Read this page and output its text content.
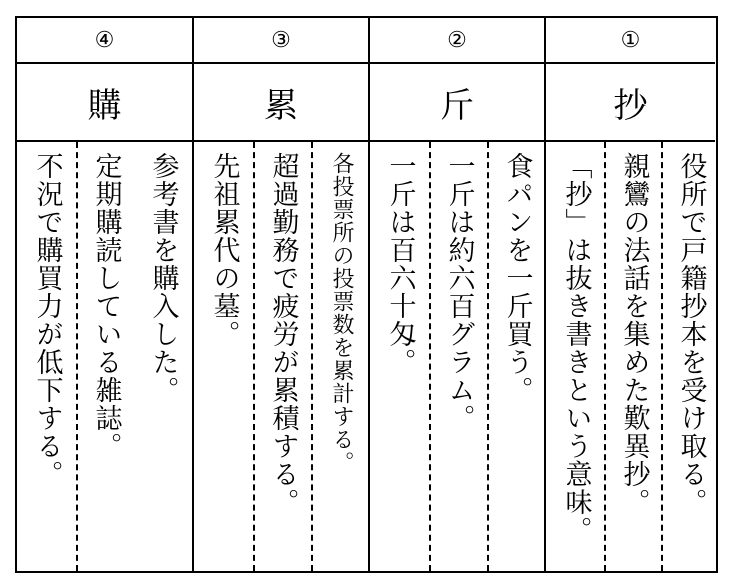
④
購
参考書を購入した。
定期購読している雑誌。
不況で購買力が低下する。
③
累
各投票所の投票数を累計する。
超過勤務で疲労が累積する。
先祖累代の墓。
②
斤
食パンを一斤買う。
一斤は約六百グラム。
一斤は百六十匁。
①
抄
役所で戸籍抄本を受け取る。
親鸞の法話を集めた歎異抄。
「抄」は抜き書きという意味。
